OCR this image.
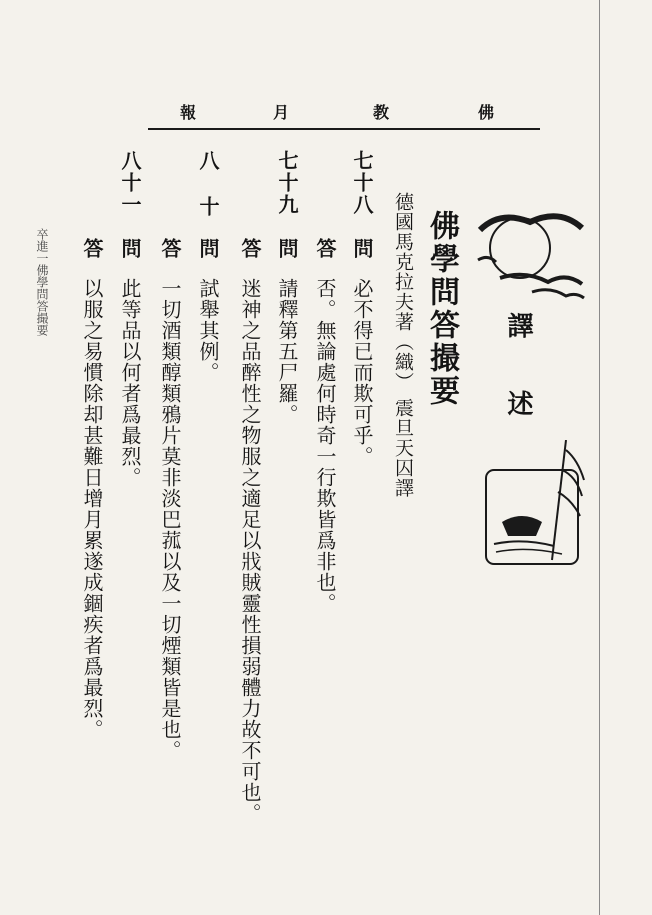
佛
教
月
報
譯
述
佛學問答撮要
德國馬克拉夫著（織）
震旦天囚譯
七十八
問
必不得已而欺可乎。
答
否。無論處何時奇一行欺皆爲非也。
七十九
問
請釋第五尸羅。
答
迷神之品醉性之物服之適足以戕賊靈性損弱體力故不可也。
八十
問
試舉其例。
答
一切酒類醇類鴉片莫非淡巴菰以及一切煙類皆是也。
八十一
問
此等品以何者爲最烈。
答
以服之易慣除却甚難日增月累遂成錮疾者爲最烈。
卒進一佛學問答撮要
